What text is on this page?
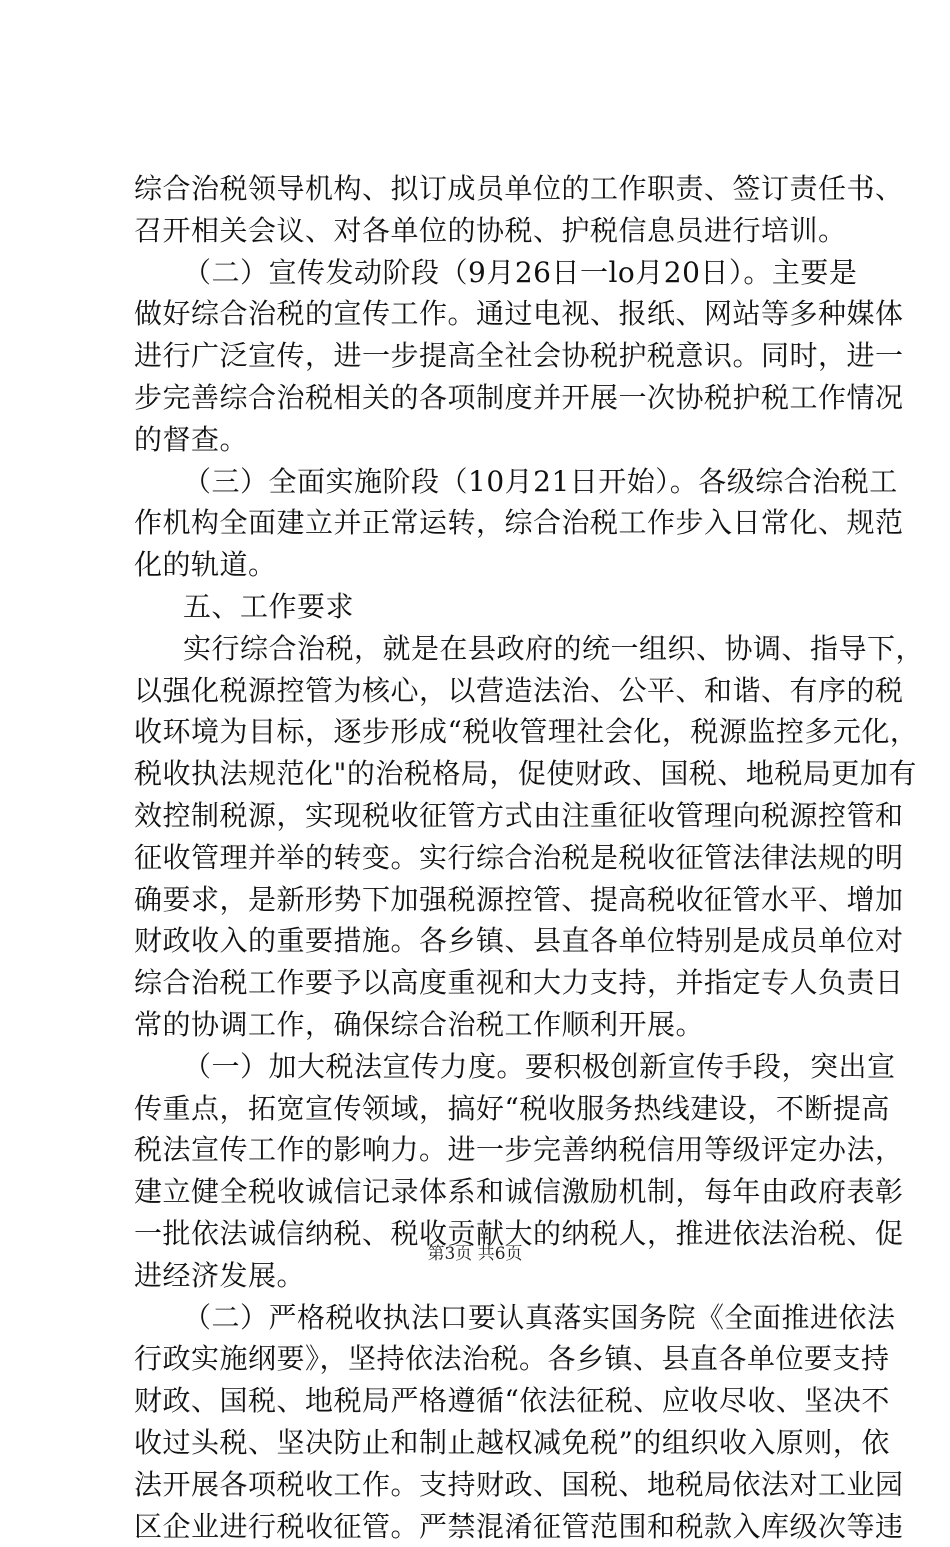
综合治税领导机构、拟订成员单位的工作职责、签订责任书、
召开相关会议、对各单位的协税、护税信息员进行培训。
（二）宣传发动阶段（9月26日一lo月20日）。主要是
做好综合治税的宣传工作。通过电视、报纸、网站等多种媒体
进行广泛宣传，进一步提高全社会协税护税意识。同时，进一
步完善综合治税相关的各项制度并开展一次协税护税工作情况
的督查。
（三）全面实施阶段（10月21日开始）。各级综合治税工
作机构全面建立并正常运转，综合治税工作步入日常化、规范
化的轨道。
五、工作要求
实行综合治税，就是在县政府的统一组织、协调、指导下，
以强化税源控管为核心，以营造法治、公平、和谐、有序的税
收环境为目标，逐步形成“税收管理社会化，税源监控多元化，
税收执法规范化"的治税格局，促使财政、国税、地税局更加有
效控制税源，实现税收征管方式由注重征收管理向税源控管和
征收管理并举的转变。实行综合治税是税收征管法律法规的明
确要求，是新形势下加强税源控管、提高税收征管水平、增加
财政收入的重要措施。各乡镇、县直各单位特别是成员单位对
综合治税工作要予以高度重视和大力支持，并指定专人负责日
常的协调工作，确保综合治税工作顺利开展。
（一）加大税法宣传力度。要积极创新宣传手段，突出宣
传重点，拓宽宣传领域，搞好“税收服务热线建设，不断提高
税法宣传工作的影响力。进一步完善纳税信用等级评定办法，
建立健全税收诚信记录体系和诚信激励机制，每年由政府表彰
一批依法诚信纳税、税收贡献大的纳税人，推进依法治税、促
进经济发展。
（二）严格税收执法口要认真落实国务院《全面推进依法
行政实施纲要》，坚持依法治税。各乡镇、县直各单位要支持
财政、国税、地税局严格遵循“依法征税、应收尽收、坚决不
收过头税、坚决防止和制止越权减免税”的组织收入原则，依
法开展各项税收工作。支持财政、国税、地税局依法对工业园
区企业进行税收征管。严禁混淆征管范围和税款入库级次等违
第3页 共6页
